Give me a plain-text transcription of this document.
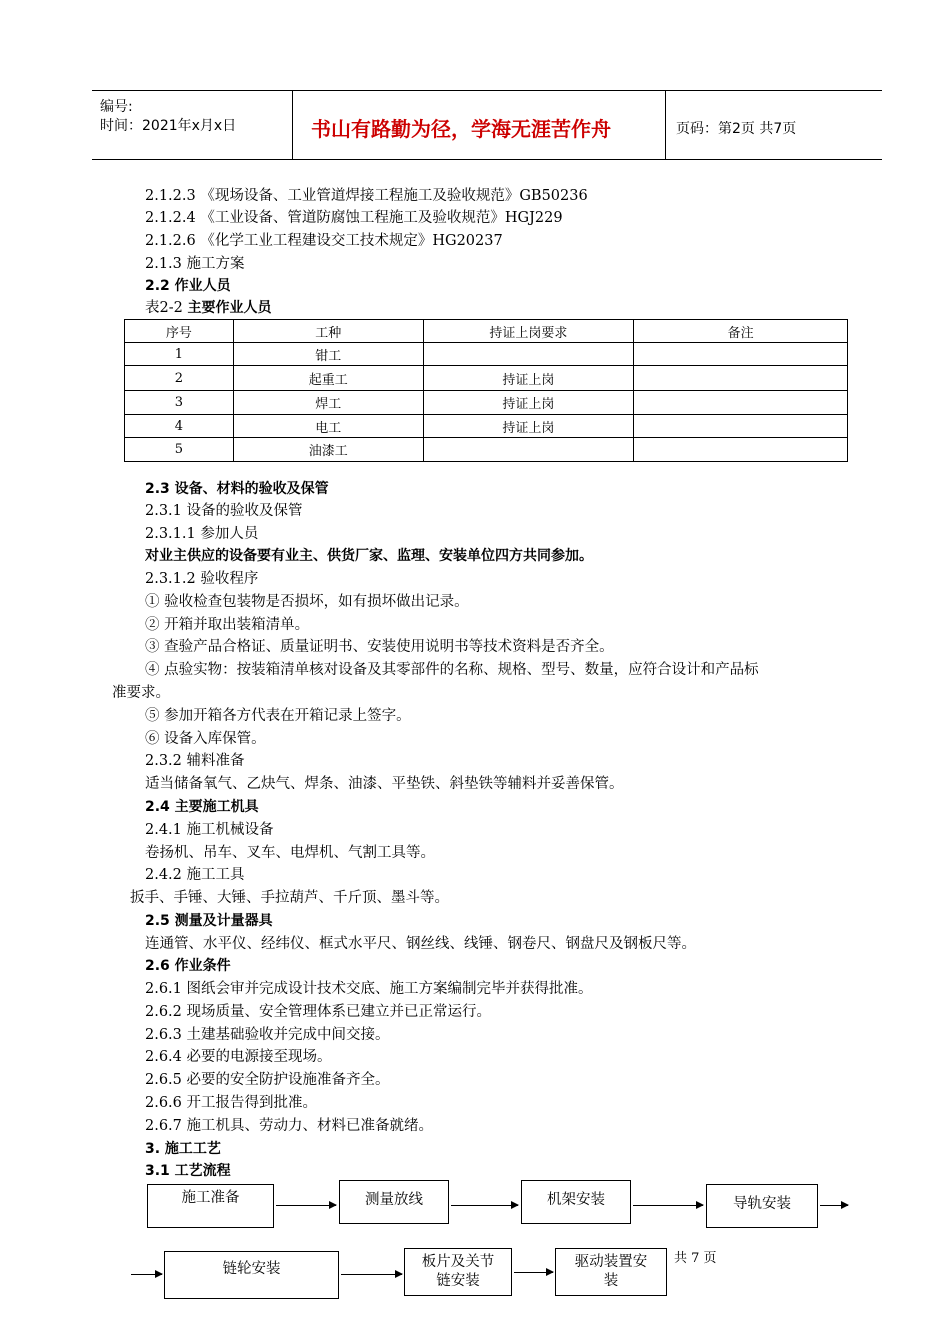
编号:
时间：2021年x月x日	书山有路勤为径，学海无涯苦作舟	页码：第2页 共7页
2.1.2.3 《现场设备、工业管道焊接工程施工及验收规范》GB50236
2.1.2.4 《工业设备、管道防腐蚀工程施工及验收规范》HGJ229
2.1.2.6 《化学工业工程建设交工技术规定》HG20237
2.1.3 施工方案
2.2 作业人员
表2-2 主要作业人员
序号	工种	持证上岗要求	备注
1	钳工		
2	起重工	持证上岗	
3	焊工	持证上岗	
4	电工	持证上岗	
5	油漆工		
2.3 设备、材料的验收及保管
2.3.1 设备的验收及保管
2.3.1.1 参加人员
对业主供应的设备要有业主、供货厂家、监理、安装单位四方共同参加。
2.3.1.2 验收程序
① 验收检查包装物是否损坏，如有损坏做出记录。
② 开箱并取出装箱清单。
③ 查验产品合格证、质量证明书、安装使用说明书等技术资料是否齐全。
④ 点验实物：按装箱清单核对设备及其零部件的名称、规格、型号、数量，应符合设计和产品标
准要求。
⑤ 参加开箱各方代表在开箱记录上签字。
⑥ 设备入库保管。
2.3.2 辅料准备
适当储备氧气、乙炔气、焊条、油漆、平垫铁、斜垫铁等辅料并妥善保管。
2.4 主要施工机具
2.4.1 施工机械设备
卷扬机、吊车、叉车、电焊机、气割工具等。
2.4.2 施工工具
扳手、手锤、大锤、手拉葫芦、千斤顶、墨斗等。
2.5 测量及计量器具
连通管、水平仪、经纬仪、框式水平尺、钢丝线、线锤、钢卷尺、钢盘尺及钢板尺等。
2.6 作业条件
2.6.1 图纸会审并完成设计技术交底、施工方案编制完毕并获得批准。
2.6.2 现场质量、安全管理体系已建立并已正常运行。
2.6.3 土建基础验收并完成中间交接。
2.6.4 必要的电源接至现场。
2.6.5 必要的安全防护设施准备齐全。
2.6.6 开工报告得到批准。
2.6.7 施工机具、劳动力、材料已准备就绪。
3. 施工工艺
3.1 工艺流程
施工准备	测量放线	机架安装	导轨安装
链轮安装	板片及关节链安装
驱动装置安装
共 7 页
